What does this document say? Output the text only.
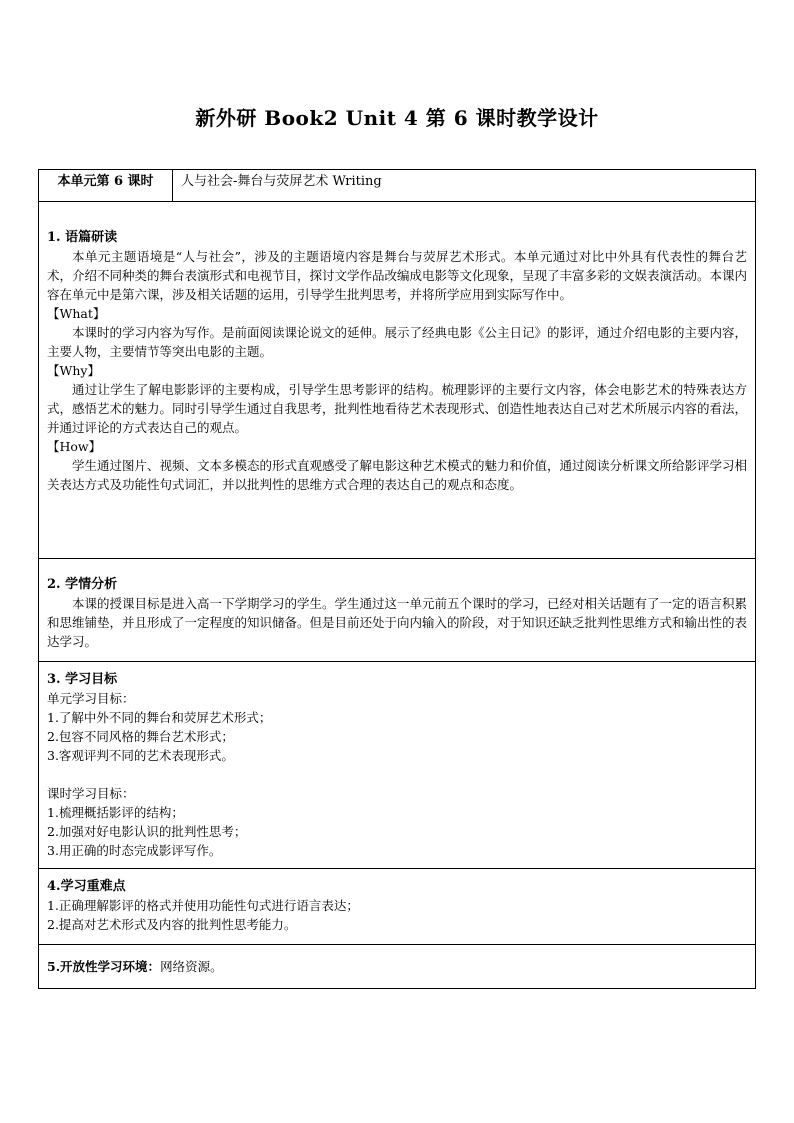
新外研 Book2 Unit 4 第 6 课时教学设计
本单元第 6 课时	人与社会-舞台与荧屏艺术 Writing

1. 语篇研读
本单元主题语境是“人与社会”，涉及的主题语境内容是舞台与荧屏艺术形式。本单元通过对比中外具有代表性的舞台艺术，介绍不同种类的舞台表演形式和电视节目，探讨文学作品改编成电影等文化现象，呈现了丰富多彩的文娱表演活动。本课内容在单元中是第六课，涉及相关话题的运用，引导学生批判思考，并将所学应用到实际写作中。
【What】
本课时的学习内容为写作。是前面阅读课论说文的延伸。展示了经典电影《公主日记》的影评，通过介绍电影的主要内容，主要人物，主要情节等突出电影的主题。
【Why】
通过让学生了解电影影评的主要构成，引导学生思考影评的结构。梳理影评的主要行文内容，体会电影艺术的特殊表达方式，感悟艺术的魅力。同时引导学生通过自我思考，批判性地看待艺术表现形式、创造性地表达自己对艺术所展示内容的看法，并通过评论的方式表达自己的观点。
【How】
学生通过图片、视频、文本多模态的形式直观感受了解电影这种艺术模式的魅力和价值，通过阅读分析课文所给影评学习相关表达方式及功能性句式词汇，并以批判性的思维方式合理的表达自己的观点和态度。

2. 学情分析
本课的授课目标是进入高一下学期学习的学生。学生通过这一单元前五个课时的学习，已经对相关话题有了一定的语言积累和思维铺垫，并且形成了一定程度的知识储备。但是目前还处于向内输入的阶段，对于知识还缺乏批判性思维方式和输出性的表达学习。

3. 学习目标
单元学习目标：
1.了解中外不同的舞台和荧屏艺术形式；
2.包容不同风格的舞台艺术形式；
3.客观评判不同的艺术表现形式。
课时学习目标：
1.梳理概括影评的结构；
2.加强对好电影认识的批判性思考；
3.用正确的时态完成影评写作。

4.学习重难点
1.正确理解影评的格式并使用功能性句式进行语言表达；
2.提高对艺术形式及内容的批判性思考能力。

5.开放性学习环境：网络资源。
